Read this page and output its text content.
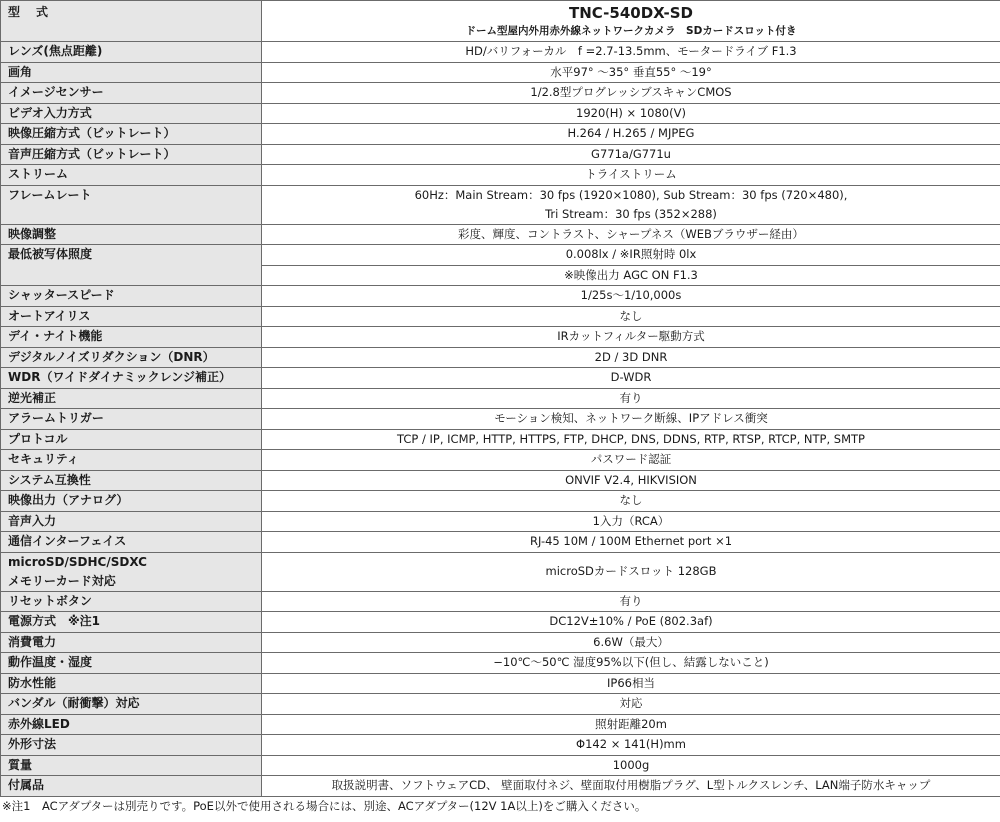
型　式	TNC-540DX-SD
ドーム型屋内外用赤外線ネットワークカメラ　SDカードスロット付き

レンズ(焦点距離)	HD/バリフォーカル　f =2.7-13.5mm、モータードライブ F1.3
画角	水平97° ～35° 垂直55° ～19°
イメージセンサー	1/2.8型プログレッシブスキャンCMOS
ビデオ入力方式	1920(H) × 1080(V)
映像圧縮方式（ビットレート）	H.264 / H.265 / MJPEG
音声圧縮方式（ビットレート）	G771a/G771u
ストリーム	トライストリーム
フレームレート	60Hz：Main Stream：30 fps (1920×1080), Sub Stream：30 fps (720×480),
Tri Stream：30 fps (352×288)

映像調整	彩度、輝度、コントラスト、シャープネス（WEBブラウザー経由）
最低被写体照度	0.008lx / ※IR照射時 0lx
	※映像出力 AGC ON F1.3
シャッタースピード	1/25s～1/10,000s
オートアイリス	なし
デイ・ナイト機能	IRカットフィルター駆動方式
デジタルノイズリダクション（DNR）	2D / 3D DNR
WDR（ワイドダイナミックレンジ補正）	D-WDR
逆光補正	有り
アラームトリガー	モーション検知、ネットワーク断線、IPアドレス衝突
プロトコル	TCP / IP, ICMP, HTTP, HTTPS, FTP, DHCP, DNS, DDNS, RTP, RTSP, RTCP, NTP, SMTP
セキュリティ	パスワード認証
システム互換性	ONVIF V2.4, HIKVISION
映像出力（アナログ）	なし
音声入力	1入力（RCA）
通信インターフェイス	RJ-45 10M / 100M Ethernet port ×1

microSD/SDHC/SDXC
メモリーカード対応	microSDカードスロット 128GB
リセットボタン	有り
電源方式　※注1	DC12V±10% / PoE (802.3af)
消費電力	6.6W（最大）
動作温度・湿度	−10℃～50℃ 湿度95%以下(但し、結露しないこと)
防水性能	IP66相当
バンダル（耐衝撃）対応	対応
赤外線LED	照射距離20m
外形寸法	Φ142 × 141(H)mm
質量	1000g
付属品	取扱説明書、ソフトウェアCD、 壁面取付ネジ、壁面取付用樹脂プラグ、L型トルクスレンチ、LAN端子防水キャップ
※注1　ACアダプターは別売りです。PoE以外で使用される場合には、別途、ACアダプター(12V 1A以上)をご購入ください。
